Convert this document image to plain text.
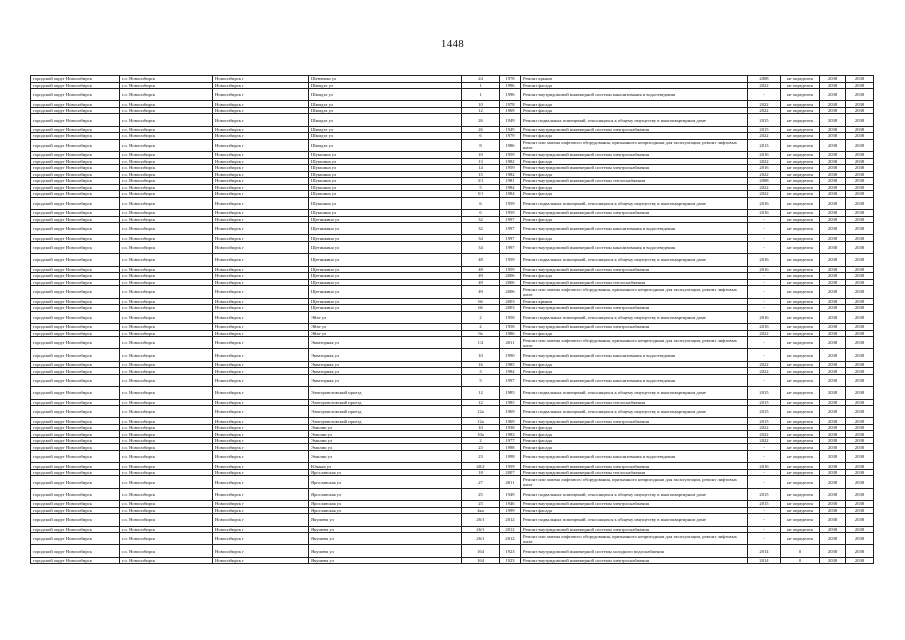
1448
городской округ Новосибирск	г.о. Новосибирск	Новосибирск г	Шевченко ул	24	1978	Ремонт крыши	2008	не определен	2038	2038
городской округ Новосибирск	г.о. Новосибирск	Новосибирск г	Шмидта ул	1	1996	Ремонт фасада	2022	не определен	2038	2038
городской округ Новосибирск	г.о. Новосибирск	Новосибирск г	Шмидта ул	1	1996	Ремонт внутридомовой инженерной системы канализования и водоотведения	-	не определен	2038	2038
городской округ Новосибирск	г.о. Новосибирск	Новосибирск г	Шмидта ул	10	1978	Ремонт фасада	2022	не определен	2038	2038
городской округ Новосибирск	г.о. Новосибирск	Новосибирск г	Шмидта ул	12	1969	Ремонт фасада	2022	не определен	2038	2038
городской округ Новосибирск	г.о. Новосибирск	Новосибирск г	Шмидта ул	26	1949	Ремонт подвальных помещений, относящихся к общему имуществу в многоквартирном доме	2015	не определен	2038	2038
городской округ Новосибирск	г.о. Новосибирск	Новосибирск г	Шмидта ул	26	1949	Ремонт внутридомовой инженерной системы электроснабжения	2015	не определен	2038	2038
городской округ Новосибирск	г.о. Новосибирск	Новосибирск г	Шмидта ул	6	1979	Ремонт фасада	2022	не определен	2038	2038
городской округ Новосибирск	г.о. Новосибирск	Новосибирск г	Шмидта ул	8	1986	Ремонт или замена лифтового оборудования, признанного непригодным для эксплуатации, ремонт лифтовых шахт	2013	не определен	2038	2038
городской округ Новосибирск	г.о. Новосибирск	Новосибирск г	Шукшина ул	10	1959	Ремонт внутридомовой инженерной системы электроснабжения	2016	не определен	2038	2038
городской округ Новосибирск	г.о. Новосибирск	Новосибирск г	Шукшина ул	13	1982	Ремонт фасада	2022	не определен	2038	2038
городской округ Новосибирск	г.о. Новосибирск	Новосибирск г	Шукшина ул	14	1959	Ремонт внутридомовой инженерной системы электроснабжения	2016	не определен	2038	2038
городской округ Новосибирск	г.о. Новосибирск	Новосибирск г	Шукшина ул	15	1982	Ремонт фасада	2022	не определен	2038	2038
городской округ Новосибирск	г.о. Новосибирск	Новосибирск г	Шукшина ул	3/1	1981	Ремонт внутридомовой инженерной системы теплоснабжения	2008	не определен	2038	2038
городской округ Новосибирск	г.о. Новосибирск	Новосибирск г	Шукшина ул	5	1984	Ремонт фасада	2022	не определен	2038	2038
городской округ Новосибирск	г.о. Новосибирск	Новосибирск г	Шукшина ул	5/1	1984	Ремонт фасада	2022	не определен	2038	2038
городской округ Новосибирск	г.о. Новосибирск	Новосибирск г	Шукшина ул	6	1959	Ремонт подвальных помещений, относящихся к общему имуществу в многоквартирном доме	2016	не определен	2038	2038
городской округ Новосибирск	г.о. Новосибирск	Новосибирск г	Шукшина ул	6	1959	Ремонт внутридомовой инженерной системы электроснабжения	2016	не определен	2038	2038
городской округ Новосибирск	г.о. Новосибирск	Новосибирск г	Щетинкина ул	32	1997	Ремонт фасада	-	не определен	2038	2038
городской округ Новосибирск	г.о. Новосибирск	Новосибирск г	Щетинкина ул	32	1997	Ремонт внутридомовой инженерной системы канализования и водоотведения	-	не определен	2038	2038
городской округ Новосибирск	г.о. Новосибирск	Новосибирск г	Щетинкина ул	34	1997	Ремонт фасада	-	не определен	2038	2038
городской округ Новосибирск	г.о. Новосибирск	Новосибирск г	Щетинкина ул	34	1997	Ремонт внутридомовой инженерной системы канализования и водоотведения	-	не определен	2038	2038
городской округ Новосибирск	г.о. Новосибирск	Новосибирск г	Щетинкина ул	48	1959	Ремонт подвальных помещений, относящихся к общему имуществу в многоквартирном доме	2016	не определен	2038	2038
городской округ Новосибирск	г.о. Новосибирск	Новосибирск г	Щетинкина ул	48	1959	Ремонт внутридомовой инженерной системы электроснабжения	2016	не определен	2038	2038
городской округ Новосибирск	г.о. Новосибирск	Новосибирск г	Щетинкина ул	49	2006	Ремонт фасада	-	не определен	2038	2038
городской округ Новосибирск	г.о. Новосибирск	Новосибирск г	Щетинкина ул	49	2006	Ремонт внутридомовой инженерной системы теплоснабжения	-	не определен	2038	2038
городской округ Новосибирск	г.о. Новосибирск	Новосибирск г	Щетинкина ул	49	2006	Ремонт или замена лифтового оборудования, признанного непригодным для эксплуатации, ремонт лифтовых шахт	-	не определен	2038	2038
городской округ Новосибирск	г.о. Новосибирск	Новосибирск г	Щетинкина ул	66	2003	Ремонт крыши	-	не определен	2038	2038
городской округ Новосибирск	г.о. Новосибирск	Новосибирск г	Щетинкина ул	66	2003	Ремонт внутридомовой инженерной системы электроснабжения	-	не определен	2038	2038
городской округ Новосибирск	г.о. Новосибирск	Новосибирск г	Эйхе ул	2	1958	Ремонт подвальных помещений, относящихся к общему имуществу в многоквартирном доме	2016	не определен	2038	2038
городской округ Новосибирск	г.о. Новосибирск	Новосибирск г	Эйхе ул	2	1958	Ремонт внутридомовой инженерной системы электроснабжения	2016	не определен	2038	2038
городской округ Новосибирск	г.о. Новосибирск	Новосибирск г	Эйхе ул	9а	1986	Ремонт фасада	2022	не определен	2038	2038
городской округ Новосибирск	г.о. Новосибирск	Новосибирск г	Экваторная ул	1/2	2011	Ремонт или замена лифтового оборудования, признанного непригодным для эксплуатации, ремонт лифтовых шахт	-	не определен	2038	2038
городской округ Новосибирск	г.о. Новосибирск	Новосибирск г	Экваторная ул	10	1990	Ремонт внутридомовой инженерной системы канализования и водоотведения	-	не определен	2038	2038
городской округ Новосибирск	г.о. Новосибирск	Новосибирск г	Экваторная ул	16	1985	Ремонт фасада	2022	не определен	2038	2038
городской округ Новосибирск	г.о. Новосибирск	Новосибирск г	Экваторная ул	3	1984	Ремонт фасада	2022	не определен	2038	2038
городской округ Новосибирск	г.о. Новосибирск	Новосибирск г	Экваторная ул	5	1997	Ремонт внутридомовой инженерной системы канализования и водоотведения	-	не определен	2038	2038
городской округ Новосибирск	г.о. Новосибирск	Новосибирск г	Электровозовский проезд	12	1985	Ремонт подвальных помещений, относящихся к общему имуществу в многоквартирном доме	2015	не определен	2038	2038
городской округ Новосибирск	г.о. Новосибирск	Новосибирск г	Электровозовский проезд	12	1985	Ремонт внутридомовой инженерной системы теплоснабжения	2015	не определен	2038	2038
городской округ Новосибирск	г.о. Новосибирск	Новосибирск г	Электровозовский проезд	12а	1969	Ремонт подвальных помещений, относящихся к общему имуществу в многоквартирном доме	2015	не определен	2038	2038
городской округ Новосибирск	г.о. Новосибирск	Новосибирск г	Электровозовский проезд	12а	1969	Ремонт внутридомовой инженерной системы электроснабжения	2015	не определен	2038	2038
городской округ Новосибирск	г.о. Новосибирск	Новосибирск г	Эмилии ул	10	1938	Ремонт фасада	2022	не определен	2038	2038
городской округ Новосибирск	г.о. Новосибирск	Новосибирск г	Эмилии ул	10а	1983	Ремонт фасада	2022	не определен	2038	2038
городской округ Новосибирск	г.о. Новосибирск	Новосибирск г	Эмилии ул	2	1977	Ремонт фасада	2022	не определен	2038	2038
городской округ Новосибирск	г.о. Новосибирск	Новосибирск г	Эмилии ул	23	1998	Ремонт фасада	-	не определен	2038	2038
городской округ Новосибирск	г.о. Новосибирск	Новосибирск г	Эмилии ул	23	1998	Ремонт внутридомовой инженерной системы канализования и водоотведения	-	не определен	2038	2038
городской округ Новосибирск	г.о. Новосибирск	Новосибирск г	Южная ул	40/2	1959	Ремонт внутридомовой инженерной системы электроснабжения	2016	не определен	2038	2038
городской округ Новосибирск	г.о. Новосибирск	Новосибирск г	Ярославская ул	18	2007	Ремонт внутридомовой инженерной системы теплоснабжения	-	не определен	2038	2038
городской округ Новосибирск	г.о. Новосибирск	Новосибирск г	Ярославская ул	27	2011	Ремонт или замена лифтового оборудования, признанного непригодным для эксплуатации, ремонт лифтовых шахт	-	не определен	2038	2038
городской округ Новосибирск	г.о. Новосибирск	Новосибирск г	Ярославская ул	25	1949	Ремонт подвальных помещений, относящихся к общему имуществу в многоквартирном доме	2015	не определен	2038	2038
городской округ Новосибирск	г.о. Новосибирск	Новосибирск г	Ярославская ул	25	1946	Ремонт внутридомовой инженерной системы электроснабжения	2015	не определен	2038	2038
городской округ Новосибирск	г.о. Новосибирск	Новосибирск г	Ярославская ул	4ка	1999	Ремонт фасада	-	не определен	2038	2038
городской округ Новосибирск	г.о. Новосибирск	Новосибирск г	Якушева ул	26/1	2012	Ремонт подвальных помещений, относящихся к общему имуществу в многоквартирном доме	-	не определен	2038	2038
городской округ Новосибирск	г.о. Новосибирск	Новосибирск г	Якушева ул	26/1	2012	Ремонт внутридомовой инженерной системы электроснабжения	-	не определен	2038	2038
городской округ Новосибирск	г.о. Новосибирск	Новосибирск г	Якушева ул	26/1	2012	Ремонт или замена лифтового оборудования, признанного непригодным для эксплуатации, ремонт лифтовых шахт	-	не определен	2038	2038
городской округ Новосибирск	г.о. Новосибирск	Новосибирск г	Якушева ул	164	1923	Ремонт внутридомовой инженерной системы холодного водоснабжения	2014	0	2038	2038
городской округ Новосибирск	г.о. Новосибирск	Новосибирск г	Якушева ул	164	1923	Ремонт внутридомовой инженерной системы электроснабжения	2014	0	2038	2038
